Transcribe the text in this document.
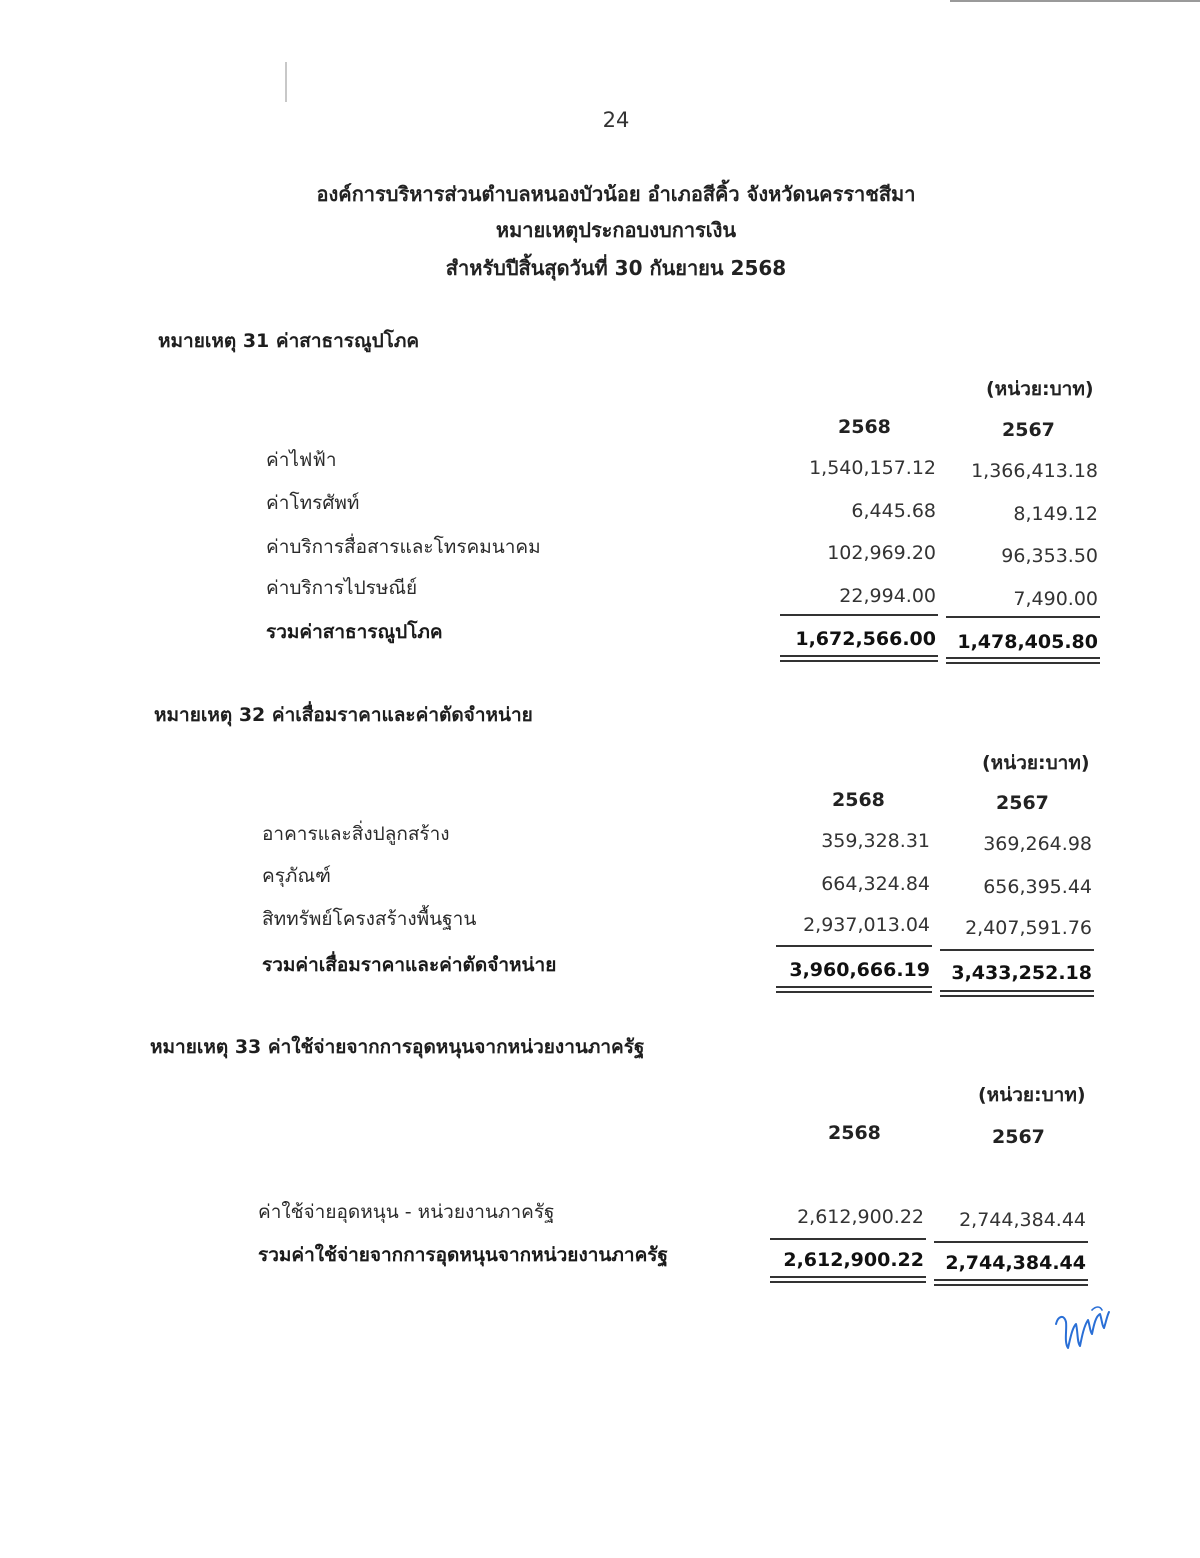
24
องค์การบริหารส่วนตำบลหนองบัวน้อย อำเภอสีคิ้ว จังหวัดนครราชสีมา
หมายเหตุประกอบงบการเงิน
สำหรับปีสิ้นสุดวันที่ 30 กันยายน 2568
หมายเหตุ 31 ค่าสาธารณูปโภค
(หน่วย:บาท)
2568	2567
ค่าไฟฟ้า	1,540,157.12	1,366,413.18
ค่าโทรศัพท์	6,445.68	8,149.12
ค่าบริการสื่อสารและโทรคมนาคม	102,969.20	96,353.50
ค่าบริการไปรษณีย์	22,994.00	7,490.00
รวมค่าสาธารณูปโภค	1,672,566.00	1,478,405.80
หมายเหตุ 32 ค่าเสื่อมราคาและค่าตัดจำหน่าย
(หน่วย:บาท)
2568	2567
อาคารและสิ่งปลูกสร้าง	359,328.31	369,264.98
ครุภัณฑ์	664,324.84	656,395.44
สิททรัพย์โครงสร้างพื้นฐาน	2,937,013.04	2,407,591.76
รวมค่าเสื่อมราคาและค่าตัดจำหน่าย	3,960,666.19	3,433,252.18
หมายเหตุ 33 ค่าใช้จ่ายจากการอุดหนุนจากหน่วยงานภาครัฐ
(หน่วย:บาท)
2568	2567
ค่าใช้จ่ายอุดหนุน - หน่วยงานภาครัฐ	2,612,900.22	2,744,384.44
รวมค่าใช้จ่ายจากการอุดหนุนจากหน่วยงานภาครัฐ	2,612,900.22	2,744,384.44
